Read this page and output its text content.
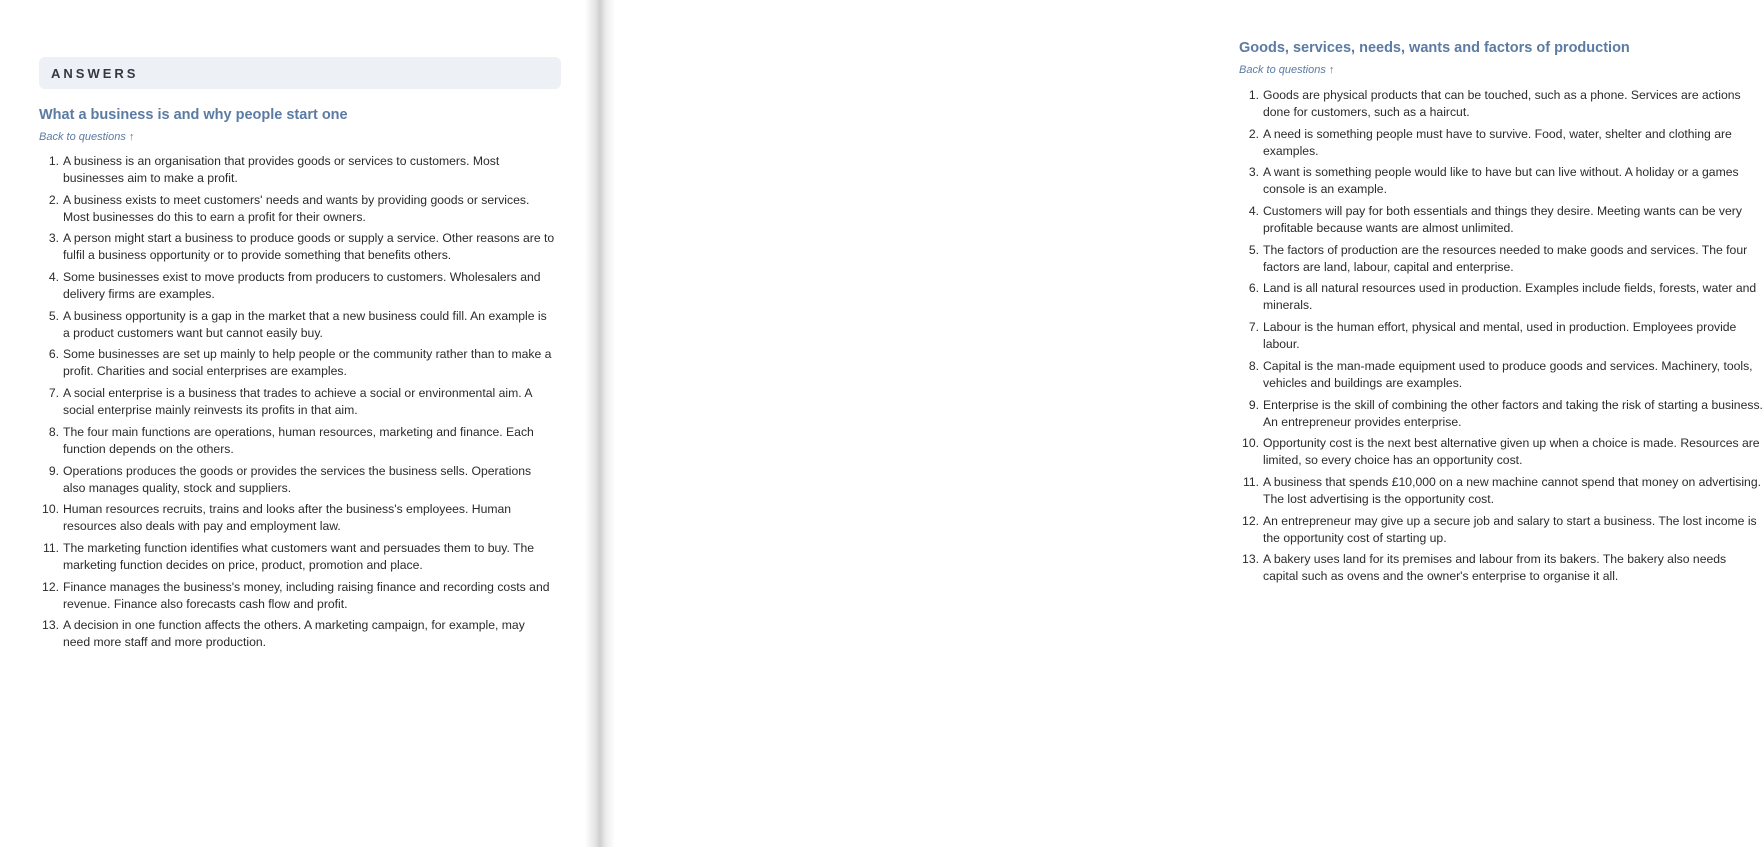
ANSWERS
What a business is and why people start one
Back to questions ↑
1. A business is an organisation that provides goods or services to customers. Most businesses aim to make a profit.
2. A business exists to meet customers' needs and wants by providing goods or services. Most businesses do this to earn a profit for their owners.
3. A person might start a business to produce goods or supply a service. Other reasons are to fulfil a business opportunity or to provide something that benefits others.
4. Some businesses exist to move products from producers to customers. Wholesalers and delivery firms are examples.
5. A business opportunity is a gap in the market that a new business could fill. An example is a product customers want but cannot easily buy.
6. Some businesses are set up mainly to help people or the community rather than to make a profit. Charities and social enterprises are examples.
7. A social enterprise is a business that trades to achieve a social or environmental aim. A social enterprise mainly reinvests its profits in that aim.
8. The four main functions are operations, human resources, marketing and finance. Each function depends on the others.
9. Operations produces the goods or provides the services the business sells. Operations also manages quality, stock and suppliers.
10. Human resources recruits, trains and looks after the business's employees. Human resources also deals with pay and employment law.
11. The marketing function identifies what customers want and persuades them to buy. The marketing function decides on price, product, promotion and place.
12. Finance manages the business's money, including raising finance and recording costs and revenue. Finance also forecasts cash flow and profit.
13. A decision in one function affects the others. A marketing campaign, for example, may need more staff and more production.
Goods, services, needs, wants and factors of production
Back to questions ↑
1. Goods are physical products that can be touched, such as a phone. Services are actions done for customers, such as a haircut.
2. A need is something people must have to survive. Food, water, shelter and clothing are examples.
3. A want is something people would like to have but can live without. A holiday or a games console is an example.
4. Customers will pay for both essentials and things they desire. Meeting wants can be very profitable because wants are almost unlimited.
5. The factors of production are the resources needed to make goods and services. The four factors are land, labour, capital and enterprise.
6. Land is all natural resources used in production. Examples include fields, forests, water and minerals.
7. Labour is the human effort, physical and mental, used in production. Employees provide labour.
8. Capital is the man-made equipment used to produce goods and services. Machinery, tools, vehicles and buildings are examples.
9. Enterprise is the skill of combining the other factors and taking the risk of starting a business. An entrepreneur provides enterprise.
10. Opportunity cost is the next best alternative given up when a choice is made. Resources are limited, so every choice has an opportunity cost.
11. A business that spends £10,000 on a new machine cannot spend that money on advertising. The lost advertising is the opportunity cost.
12. An entrepreneur may give up a secure job and salary to start a business. The lost income is the opportunity cost of starting up.
13. A bakery uses land for its premises and labour from its bakers. The bakery also needs capital such as ovens and the owner's enterprise to organise it all.
